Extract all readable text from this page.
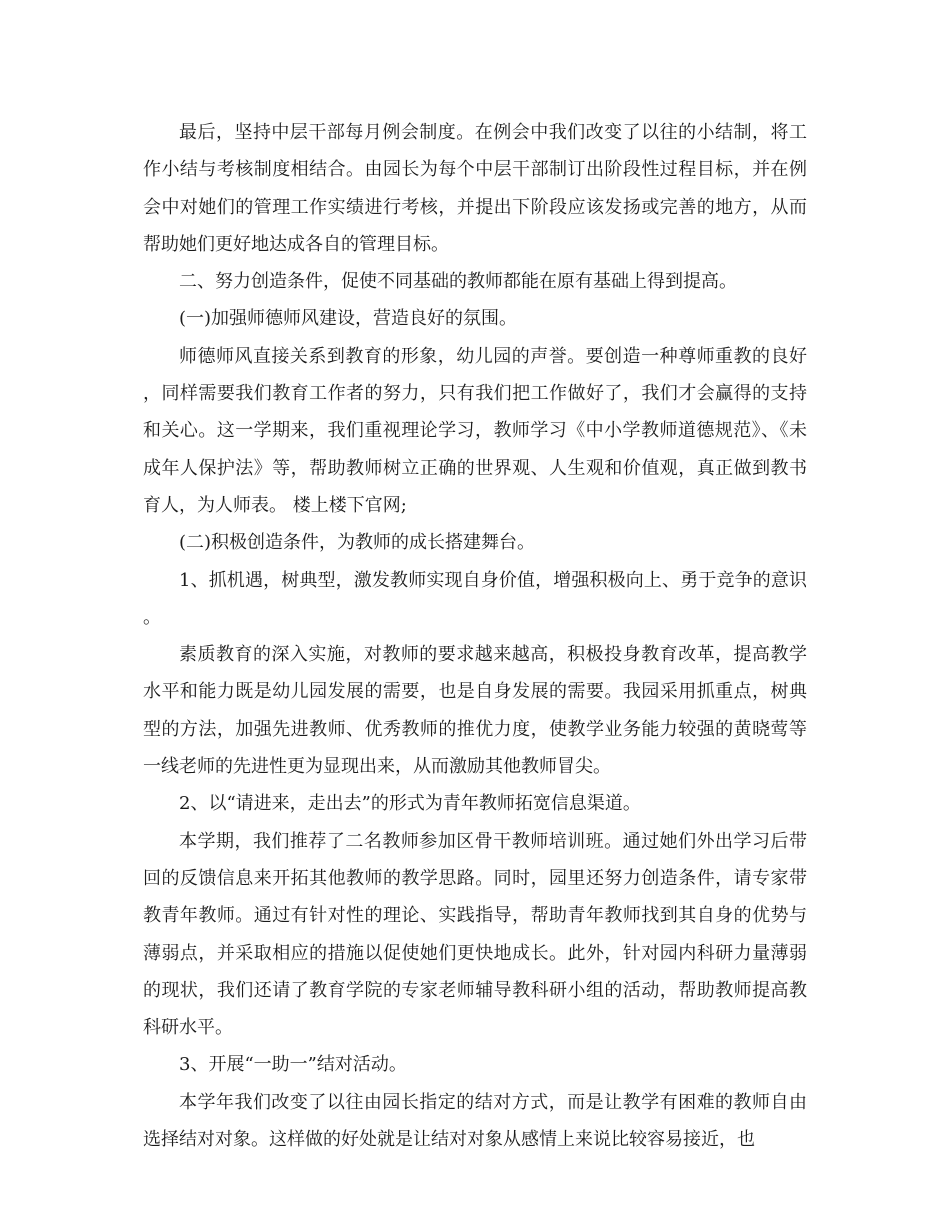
最后，坚持中层干部每月例会制度。在例会中我们改变了以往的小结制，将工作小结与考核制度相结合。由园长为每个中层干部制订出阶段性过程目标，并在例会中对她们的管理工作实绩进行考核，并提出下阶段应该发扬或完善的地方，从而帮助她们更好地达成各自的管理目标。

二、努力创造条件，促使不同基础的教师都能在原有基础上得到提高。

(一)加强师德师风建设，营造良好的氛围。

师德师风直接关系到教育的形象，幼儿园的声誉。要创造一种尊师重教的良好，同样需要我们教育工作者的努力，只有我们把工作做好了，我们才会赢得的支持和关心。这一学期来，我们重视理论学习，教师学习《中小学教师道德规范》、《未成年人保护法》等，帮助教师树立正确的世界观、人生观和价值观，真正做到教书育人，为人师表。 楼上楼下官网;

(二)积极创造条件，为教师的成长搭建舞台。

1、抓机遇，树典型，激发教师实现自身价值，增强积极向上、勇于竞争的意识。

素质教育的深入实施，对教师的要求越来越高，积极投身教育改革，提高教学水平和能力既是幼儿园发展的需要，也是自身发展的需要。我园采用抓重点，树典型的方法，加强先进教师、优秀教师的推优力度，使教学业务能力较强的黄晓莺等一线老师的先进性更为显现出来，从而激励其他教师冒尖。

2、以“请进来，走出去”的形式为青年教师拓宽信息渠道。

本学期，我们推荐了二名教师参加区骨干教师培训班。通过她们外出学习后带回的反馈信息来开拓其他教师的教学思路。同时，园里还努力创造条件，请专家带教青年教师。通过有针对性的理论、实践指导，帮助青年教师找到其自身的优势与薄弱点，并采取相应的措施以促使她们更快地成长。此外，针对园内科研力量薄弱的现状，我们还请了教育学院的专家老师辅导教科研小组的活动，帮助教师提高教科研水平。

3、开展“一助一”结对活动。

本学年我们改变了以往由园长指定的结对方式，而是让教学有困难的教师自由选择结对对象。这样做的好处就是让结对对象从感情上来说比较容易接近，也
